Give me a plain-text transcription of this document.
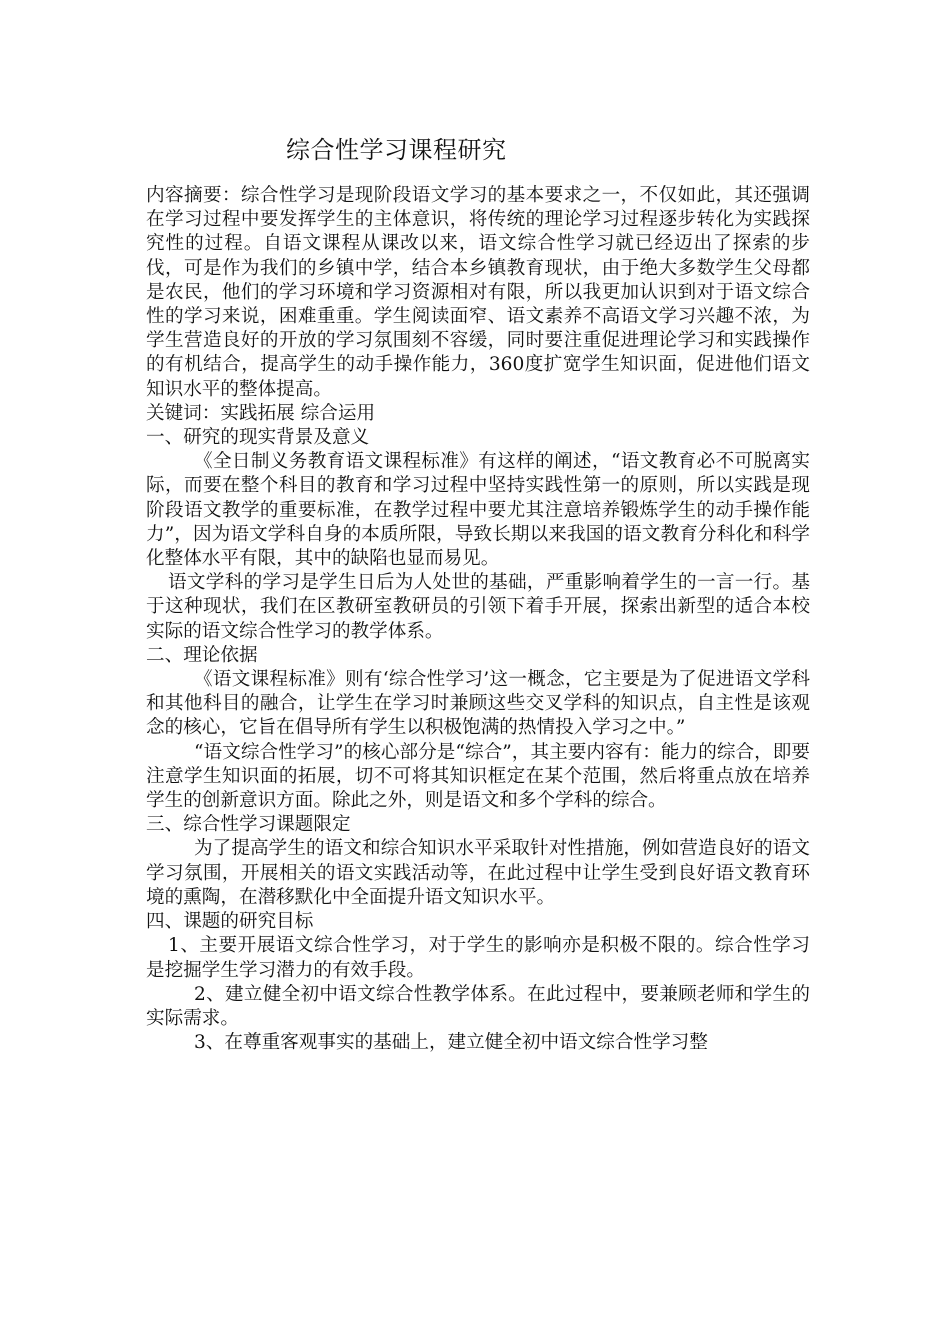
综合性学习课程研究

内容摘要：综合性学习是现阶段语文学习的基本要求之一，不仅如此，其还强调在学习过程中要发挥学生的主体意识，将传统的理论学习过程逐步转化为实践探究性的过程。自语文课程从课改以来，语文综合性学习就已经迈出了探索的步伐，可是作为我们的乡镇中学，结合本乡镇教育现状，由于绝大多数学生父母都是农民，他们的学习环境和学习资源相对有限，所以我更加认识到对于语文综合性的学习来说，困难重重。学生阅读面窄、语文素养不高语文学习兴趣不浓，为学生营造良好的开放的学习氛围刻不容缓，同时要注重促进理论学习和实践操作的有机结合，提高学生的动手操作能力，360度扩宽学生知识面，促进他们语文知识水平的整体提高。

关键词：实践拓展 综合运用

一、研究的现实背景及意义

《全日制义务教育语文课程标准》有这样的阐述，“语文教育必不可脱离实际，而要在整个科目的教育和学习过程中坚持实践性第一的原则，所以实践是现阶段语文教学的重要标准，在教学过程中要尤其注意培养锻炼学生的动手操作能力”，因为语文学科自身的本质所限，导致长期以来我国的语文教育分科化和科学化整体水平有限，其中的缺陷也显而易见。

语文学科的学习是学生日后为人处世的基础，严重影响着学生的一言一行。基于这种现状，我们在区教研室教研员的引领下着手开展，探索出新型的适合本校实际的语文综合性学习的教学体系。

二、理论依据

《语文课程标准》则有‘综合性学习’这一概念，它主要是为了促进语文学科和其他科目的融合，让学生在学习时兼顾这些交叉学科的知识点，自主性是该观念的核心，它旨在倡导所有学生以积极饱满的热情投入学习之中。”

“语文综合性学习”的核心部分是“综合”，其主要内容有：能力的综合，即要注意学生知识面的拓展，切不可将其知识框定在某个范围，然后将重点放在培养学生的创新意识方面。除此之外，则是语文和多个学科的综合。

三、综合性学习课题限定

为了提高学生的语文和综合知识水平采取针对性措施，例如营造良好的语文学习氛围，开展相关的语文实践活动等，在此过程中让学生受到良好语文教育环境的熏陶，在潜移默化中全面提升语文知识水平。

四、课题的研究目标

1、主要开展语文综合性学习，对于学生的影响亦是积极不限的。综合性学习是挖掘学生学习潜力的有效手段。

2、建立健全初中语文综合性教学体系。在此过程中，要兼顾老师和学生的实际需求。

3、在尊重客观事实的基础上，建立健全初中语文综合性学习整
